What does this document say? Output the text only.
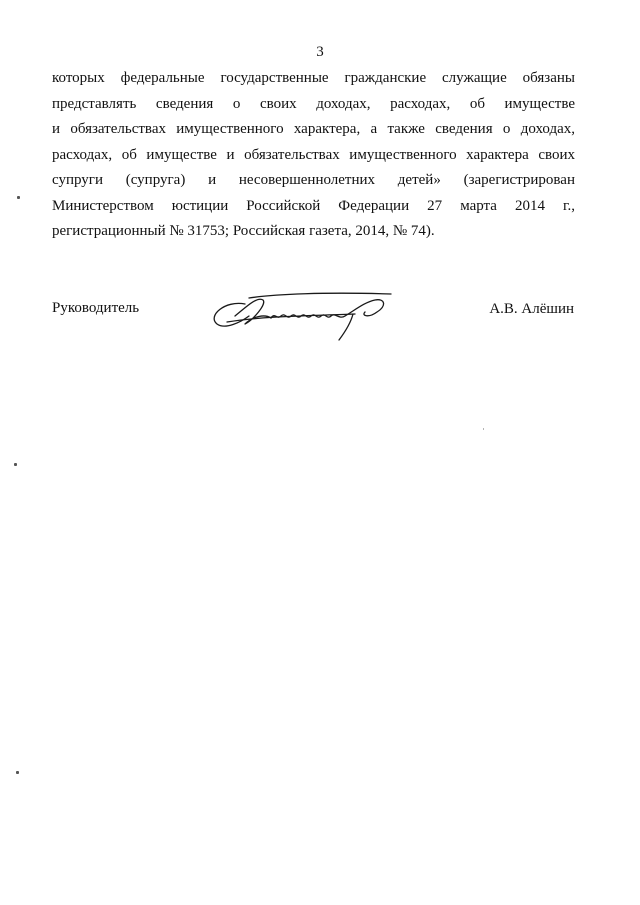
3
которых федеральные государственные гражданские служащие обязаны
представлять сведения о своих доходах, расходах, об имуществе
и обязательствах имущественного характера, а также сведения о доходах,
расходах, об имуществе и обязательствах имущественного характера своих
супруги (супруга) и несовершеннолетних детей» (зарегистрирован
Министерством юстиции Российской Федерации 27 марта 2014 г.,
регистрационный № 31753; Российская газета, 2014, № 74).
Руководитель	А.В. Алёшин
